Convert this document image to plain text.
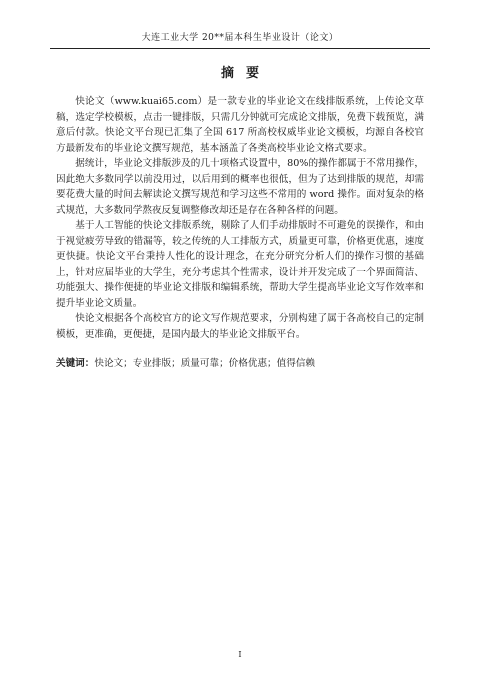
大连工业大学 20**届本科生毕业设计（论文）
摘要

快论文（www.kuai65.com）是一款专业的毕业论文在线排版系统，上传论文草稿，选定学校模板，点击一键排版，只需几分钟就可完成论文排版，免费下载预览，满意后付款。快论文平台现已汇集了全国 617 所高校权威毕业论文模板，均源自各校官方最新发布的毕业论文撰写规范，基本涵盖了各类高校毕业论文格式要求。

据统计，毕业论文排版涉及的几十项格式设置中，80%的操作都属于不常用操作，因此绝大多数同学以前没用过，以后用到的概率也很低，但为了达到排版的规范，却需要花费大量的时间去解读论文撰写规范和学习这些不常用的 word 操作。面对复杂的格式规范，大多数同学熬夜反复调整修改却还是存在各种各样的问题。

基于人工智能的快论文排版系统，剔除了人们手动排版时不可避免的误操作，和由于视觉疲劳导致的错漏等，较之传统的人工排版方式，质量更可靠，价格更优惠，速度更快捷。快论文平台秉持人性化的设计理念，在充分研究分析人们的操作习惯的基础上，针对应届毕业的大学生，充分考虑其个性需求，设计并开发完成了一个界面简洁、功能强大、操作便捷的毕业论文排版和编辑系统，帮助大学生提高毕业论文写作效率和提升毕业论文质量。

快论文根据各个高校官方的论文写作规范要求，分别构建了属于各高校自己的定制模板，更准确，更便捷，是国内最大的毕业论文排版平台。

关键词：快论文；专业排版；质量可靠；价格优惠；值得信赖

I
